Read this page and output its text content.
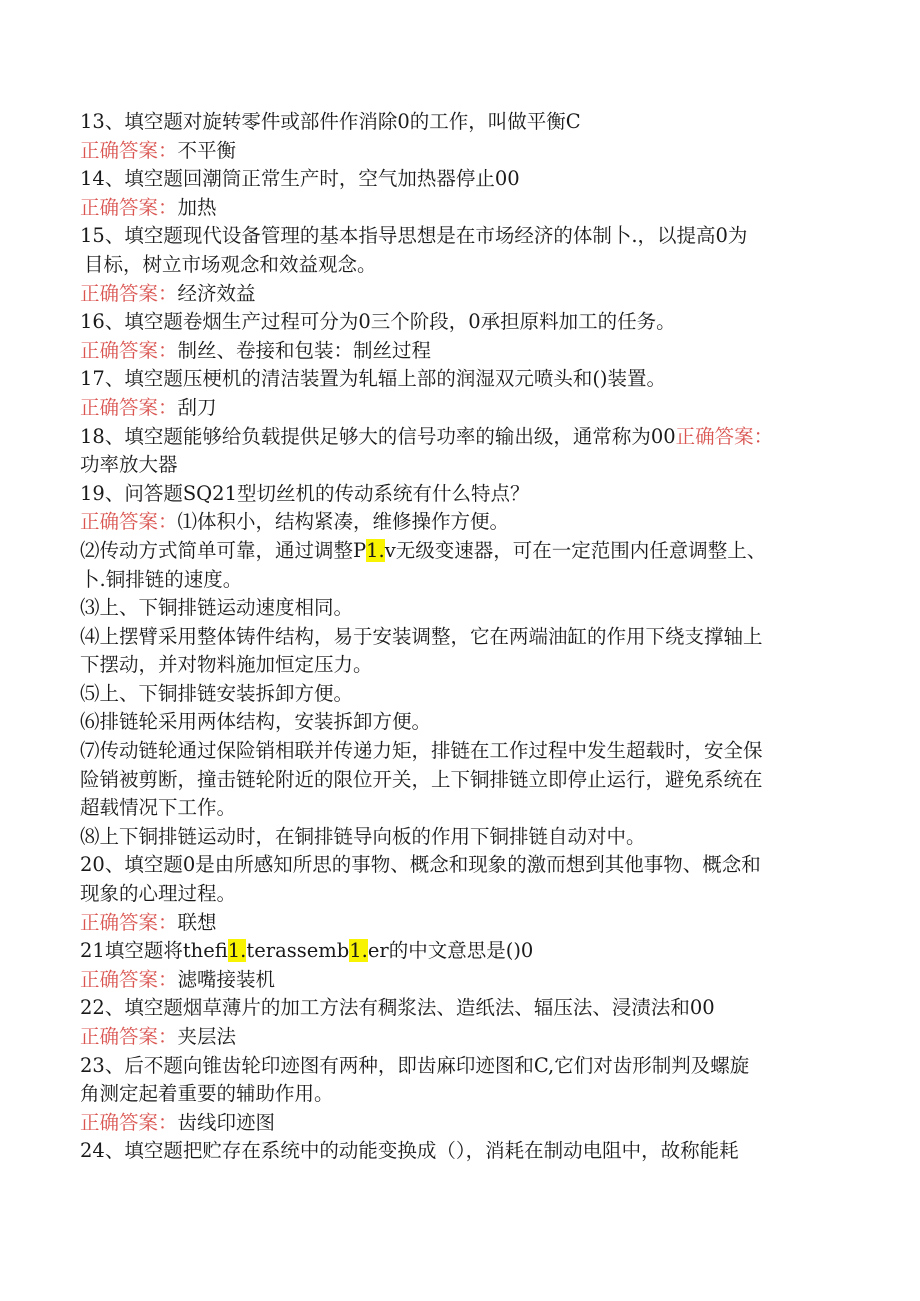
13、填空题对旋转零件或部件作消除0的工作，叫做平衡C
正确答案：不平衡
14、填空题回潮筒正常生产时，空气加热器停止00
正确答案：加热
15、填空题现代设备管理的基本指导思想是在市场经济的体制卜.，以提高0为
目标，树立市场观念和效益观念。
正确答案：经济效益
16、填空题卷烟生产过程可分为0三个阶段，0承担原料加工的任务。
正确答案：制丝、卷接和包装：制丝过程
17、填空题压梗机的清洁装置为轧辐上部的润湿双元喷头和()装置。
正确答案：刮刀
18、填空题能够给负载提供足够大的信号功率的输出级，通常称为00正确答案：
功率放大器
19、问答题SQ21型切丝机的传动系统有什么特点？
正确答案：⑴体积小，结构紧凑，维修操作方便。
⑵传动方式简单可靠，通过调整P1.v无级变速器，可在一定范围内任意调整上、
卜.铜排链的速度。
⑶上、下铜排链运动速度相同。
⑷上摆臂采用整体铸件结构，易于安装调整，它在两端油缸的作用下绕支撑轴上
下摆动，并对物料施加恒定压力。
⑸上、下铜排链安装拆卸方便。
⑹排链轮采用两体结构，安装拆卸方便。
⑺传动链轮通过保险销相联并传递力矩，排链在工作过程中发生超载时，安全保
险销被剪断，撞击链轮附近的限位开关，上下铜排链立即停止运行，避免系统在
超载情况下工作。
⑻上下铜排链运动时，在铜排链导向板的作用下铜排链自动对中。
20、填空题0是由所感知所思的事物、概念和现象的激而想到其他事物、概念和
现象的心理过程。
正确答案：联想
21填空题将thefi1.terassemb1.er的中文意思是()0
正确答案：滤嘴接装机
22、填空题烟草薄片的加工方法有稠浆法、造纸法、辐压法、浸渍法和00
正确答案：夹层法
23、后不题向锥齿轮印迹图有两种，即齿麻印迹图和C,它们对齿形制判及螺旋
角测定起着重要的辅助作用。
正确答案：齿线印迹图
24、填空题把贮存在系统中的动能变换成（），消耗在制动电阻中，故称能耗
